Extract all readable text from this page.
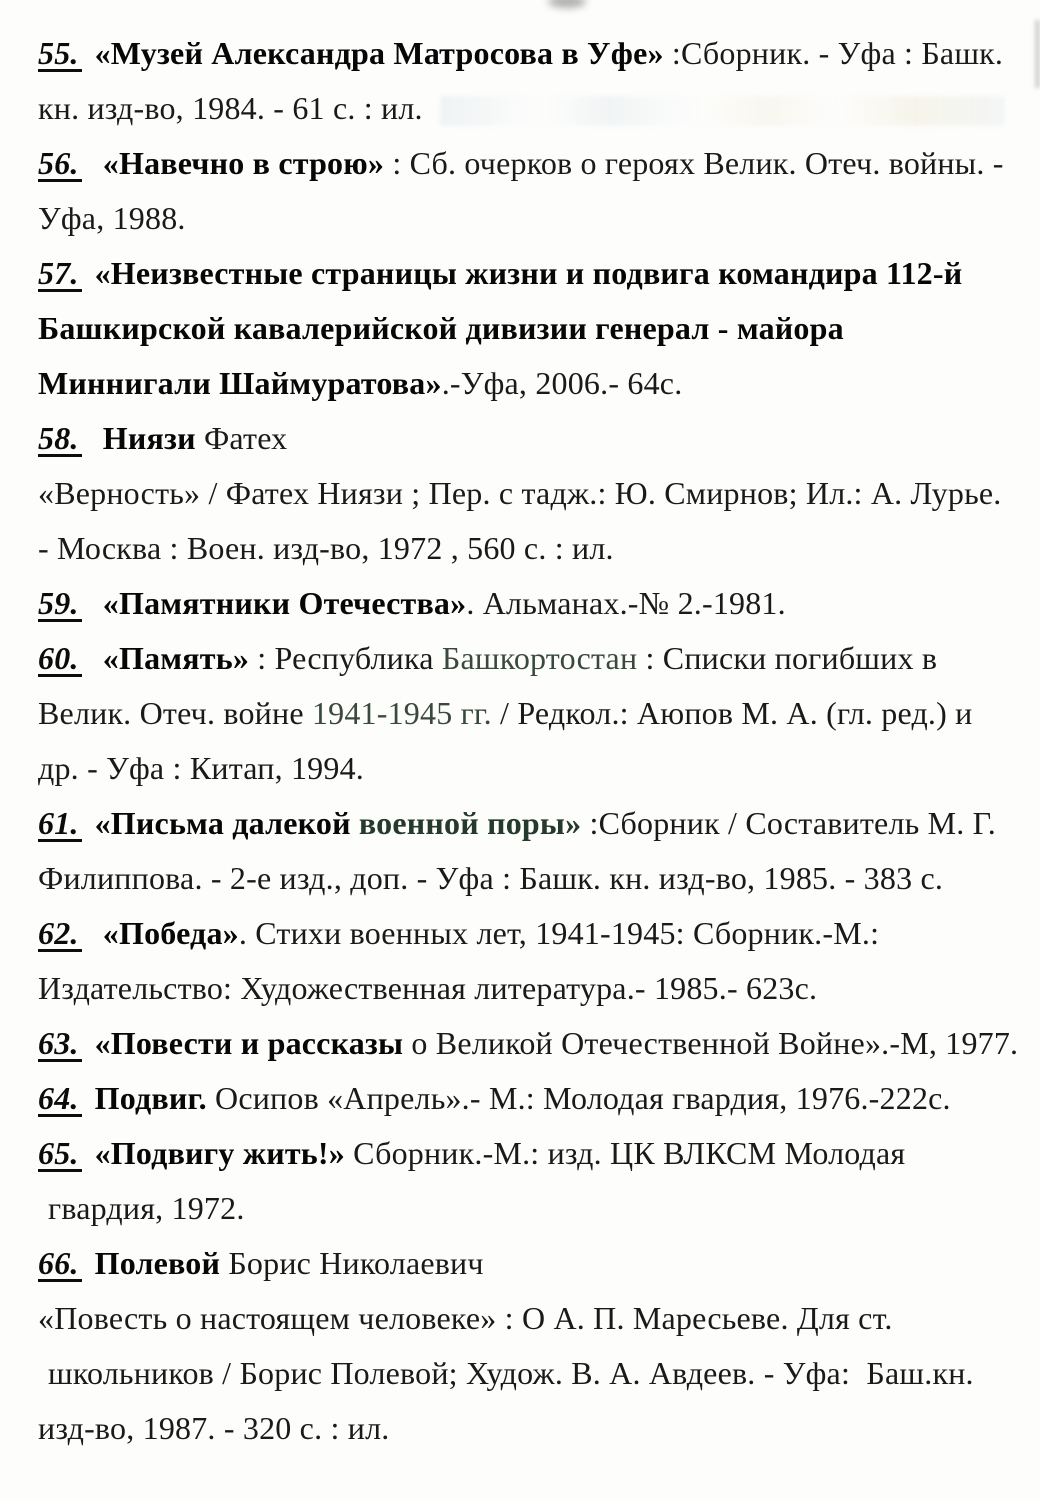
55. «Музей Александра Матросова в Уфе» :Сборник. - Уфа : Башк.
кн. изд-во, 1984. - 61 с. : ил.
56. «Навечно в строю» : Сб. очерков о героях Велик. Отеч. войны. -
Уфа, 1988.
57. «Неизвестные страницы жизни и подвига командира 112-й
Башкирской кавалерийской дивизии генерал - майора
Миннигали Шаймуратова».-Уфа, 2006.- 64с.
58. Ниязи Фатех
«Верность» / Фатех Ниязи ; Пер. с тадж.: Ю. Смирнов; Ил.: А. Лурье.
- Москва : Воен. изд-во, 1972 , 560 с. : ил.
59. «Памятники Отечества». Альманах.-№ 2.-1981.
60. «Память» : Республика Башкортостан : Списки погибших в
Велик. Отеч. войне 1941-1945 гг. / Редкол.: Аюпов М. А. (гл. ред.) и
др. - Уфа : Китап, 1994.
61. «Письма далекой военной поры» :Сборник / Составитель М. Г.
Филиппова. - 2-е изд., доп. - Уфа : Башк. кн. изд-во, 1985. - 383 с.
62. «Победа». Стихи военных лет, 1941-1945: Сборник.-М.:
Издательство: Художественная литература.- 1985.- 623с.
63. «Повести и рассказы о Великой Отечественной Войне».-М, 1977.
64. Подвиг. Осипов «Апрель».- М.: Молодая гвардия, 1976.-222с.
65. «Подвигу жить!» Сборник.-М.: изд. ЦК ВЛКСМ Молодая
гвардия, 1972.
66. Полевой Борис Николаевич
«Повесть о настоящем человеке» : О А. П. Маресьеве. Для ст.
школьников / Борис Полевой; Худож. В. А. Авдеев. - Уфа:  Баш.кн.
изд-во, 1987. - 320 с. : ил.
